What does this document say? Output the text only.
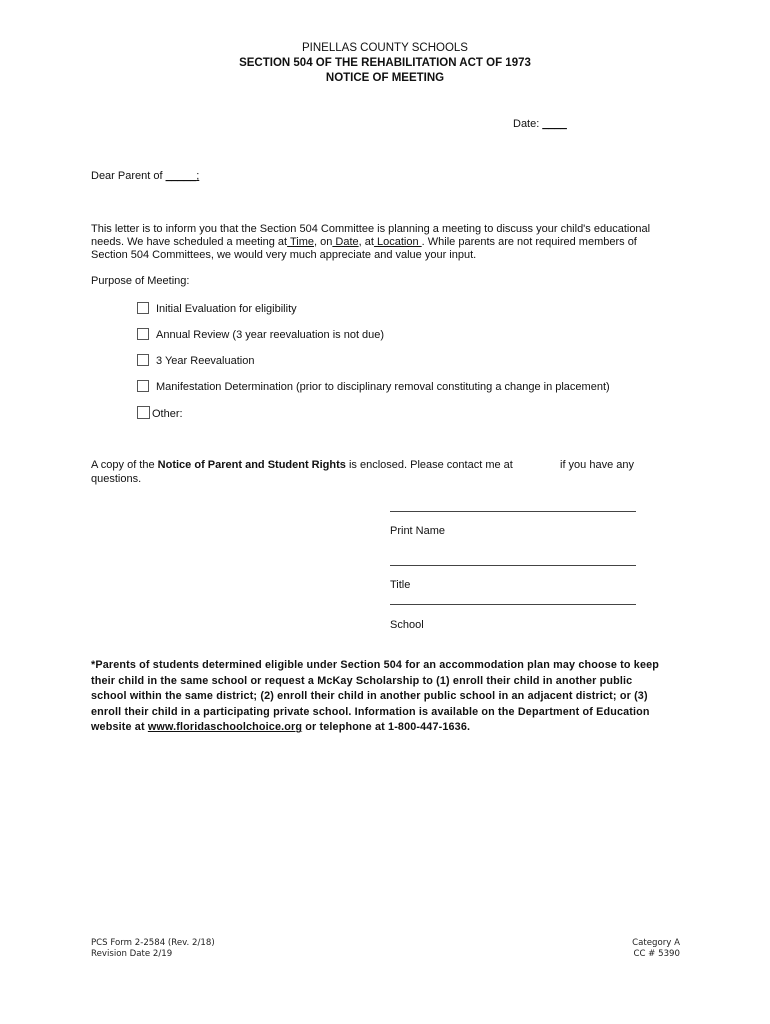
PINELLAS COUNTY SCHOOLS
SECTION 504 OF THE REHABILITATION ACT OF 1973
NOTICE OF MEETING
Date: ____
Dear Parent of _____;
This letter is to inform you that the Section 504 Committee is planning a meeting to discuss your child's educational
needs. We have scheduled a meeting at Time, on Date, at Location . While parents are not required members of
Section 504 Committees, we would very much appreciate and value your input.
Purpose of Meeting:
Initial Evaluation for eligibility
Annual Review (3 year reevaluation is not due)
3 Year Reevaluation
Manifestation Determination (prior to disciplinary removal constituting a change in placement)
Other:
A copy of the Notice of Parent and Student Rights is enclosed. Please contact me at	if you have any
questions.
Print Name
Title
School
*Parents of students determined eligible under Section 504 for an accommodation plan may choose to keep
their child in the same school or request a McKay Scholarship to (1) enroll their child in another public
school within the same district; (2) enroll their child in another public school in an adjacent district; or (3)
enroll their child in a participating private school. Information is available on the Department of Education
website at www.floridaschoolchoice.org or telephone at 1-800-447-1636.
PCS Form 2-2584 (Rev. 2/18)
Revision Date 2/19
Category A
CC # 5390
